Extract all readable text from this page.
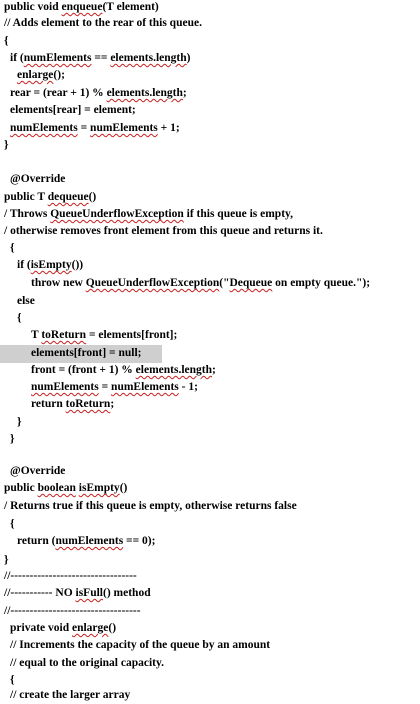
public void enqueue(T element)
// Adds element to the rear of this queue.
{
if (numElements == elements.length)
enlarge();
rear = (rear + 1) % elements.length;
elements[rear] = element;
numElements = numElements + 1;
}
@Override
public T dequeue()
/ Throws QueueUnderflowException if this queue is empty,
/ otherwise removes front element from this queue and returns it.
{
if (isEmpty())
throw new QueueUnderflowException("Dequeue on empty queue.");
else
{
T toReturn = elements[front];
elements[front] = null;
front = (front + 1) % elements.length;
numElements = numElements - 1;
return toReturn;
}
}
@Override
public boolean isEmpty()
/ Returns true if this queue is empty, otherwise returns false
{
return (numElements == 0);
}
//---------------------------------
//----------- NO isFull() method
//----------------------------------
private void enlarge()
// Increments the capacity of the queue by an amount
// equal to the original capacity.
{
// create the larger array
